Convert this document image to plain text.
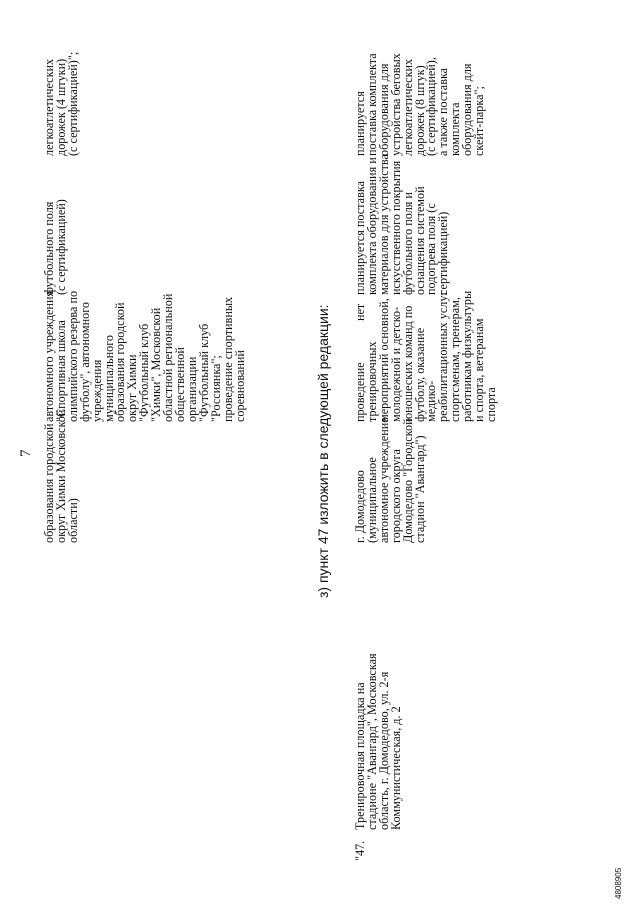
7
образования городской
округ Химки Московской
области)
автономного учреждения
"Спортивная школа
олимпийского резерва по
футболу", автономного
учреждения
муниципального
образования городской
округ Химки
"Футбольный клуб
"Химки", Московской
областной региональной
общественной
организации
"Футбольный клуб
"Россиянка";
проведение спортивных
соревнований
футбольного поля
(с сертификацией)
легкоатлетических
дорожек (4 штуки)
(с сертификацией)";
з) пункт 47 изложить в следующей редакции:
"47.
Тренировочная площадка на
стадионе "Авангард", Московская
область, г. Домодедово, ул. 2-я
Коммунистическая, д. 2
г. Домодедово
(муниципальное
автономное учреждение
городского округа
Домодедово "Городской
стадион "Авангард")
проведение
тренировочных
мероприятий основной,
молодежной и детско-
юношеских команд по
футболу, оказание
медико-
реабилитационных услуг
спортсменам, тренерам,
работникам физкультуры
и спорта, ветеранам
спорта
нет
планируется поставка
комплекта оборудования и
материалов для устройства
искусственного покрытия
футбольного поля и
оснащения системой
подогрева поля (с
сертификацией)
планируется
поставка комплекта
оборудования для
устройства беговых
легкоатлетических
дорожек (8 штук)
(с сертификацией),
а также поставка
комплекта
оборудования для
скейт-парка";
4808905
